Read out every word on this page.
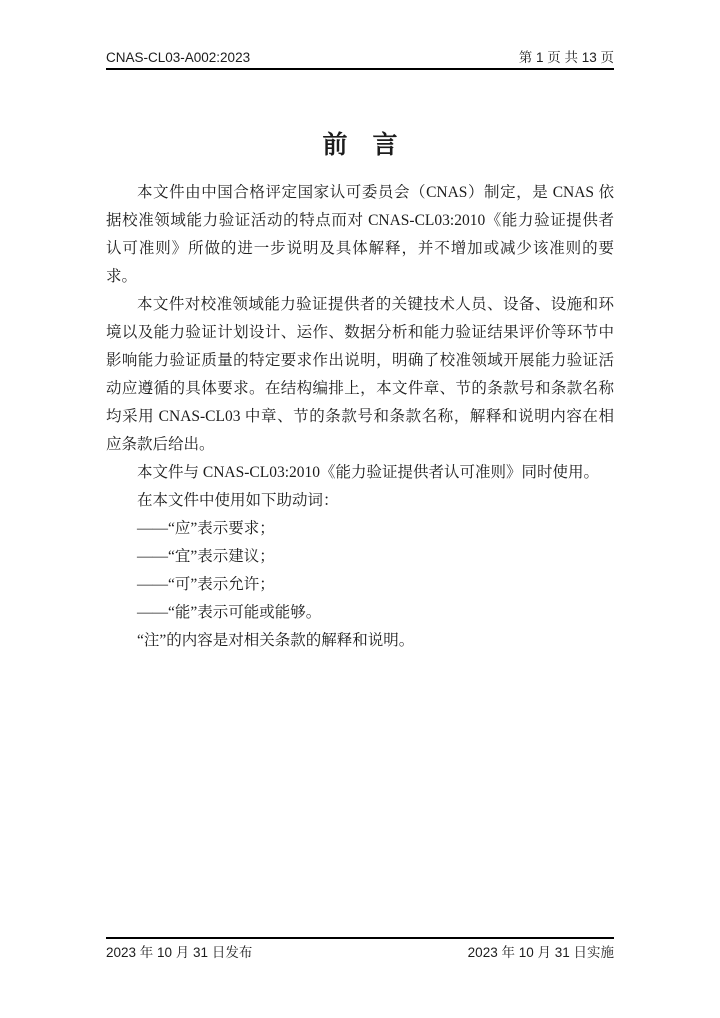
CNAS-CL03-A002:2023	第 1 页 共 13 页
前　言

本文件由中国合格评定国家认可委员会（CNAS）制定，是 CNAS 依据校准领域能力验证活动的特点而对 CNAS-CL03:2010《能力验证提供者认可准则》所做的进一步说明及具体解释，并不增加或减少该准则的要求。

本文件对校准领域能力验证提供者的关键技术人员、设备、设施和环境以及能力验证计划设计、运作、数据分析和能力验证结果评价等环节中影响能力验证质量的特定要求作出说明，明确了校准领域开展能力验证活动应遵循的具体要求。在结构编排上，本文件章、节的条款号和条款名称均采用 CNAS-CL03 中章、节的条款号和条款名称，解释和说明内容在相应条款后给出。

本文件与 CNAS-CL03:2010《能力验证提供者认可准则》同时使用。

在本文件中使用如下助动词：

——“应”表示要求；

——“宜”表示建议；

——“可”表示允许；

——“能”表示可能或能够。

“注”的内容是对相关条款的解释和说明。

2023 年 10 月 31 日发布	2023 年 10 月 31 日实施
